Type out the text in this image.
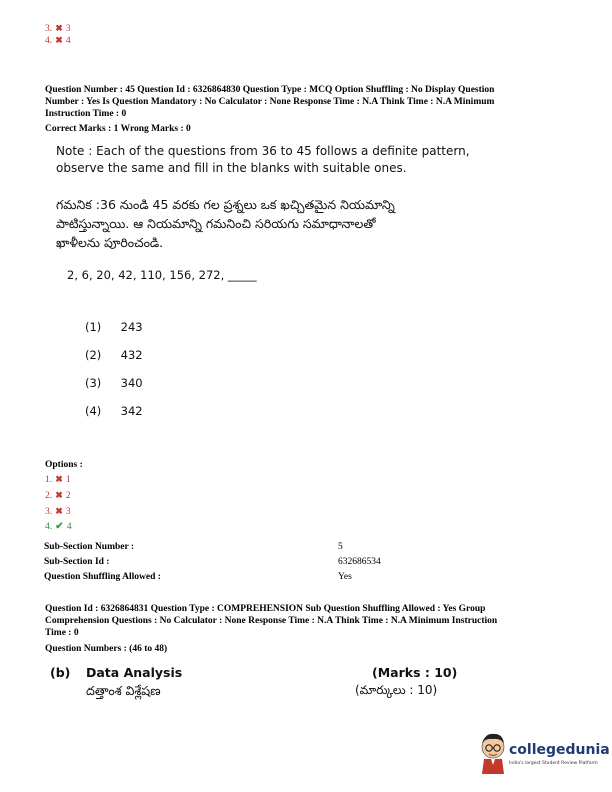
3. ✖ 3
4. ✖ 4
Question Number : 45 Question Id : 6326864830 Question Type : MCQ Option Shuffling : No Display Question
Number : Yes Is Question Mandatory : No Calculator : None Response Time : N.A Think Time : N.A Minimum
Instruction Time : 0
Correct Marks : 1 Wrong Marks : 0
Note : Each of the questions from 36 to 45 follows a definite pattern,
observe the same and fill in the blanks with suitable ones.
గమనిక :36 నుండి 45 వరకు గల ప్రశ్నలు ఒక ఖచ్చితమైన నియమాన్ని
పాటిస్తున్నాయి. ఆ నియమాన్ని గమనించి సరియగు సమాధానాలతో
ఖాళీలను పూరించండి.
2, 6, 20, 42, 110, 156, 272, _____
(1) 243
(2) 432
(3) 340
(4) 342
Options :
1. ✖ 1
2. ✖ 2
3. ✖ 3
4. ✔ 4
Sub-Section Number :	5
Sub-Section Id :	632686534
Question Shuffling Allowed :	Yes
Question Id : 6326864831 Question Type : COMPREHENSION Sub Question Shuffling Allowed : Yes Group
Comprehension Questions : No Calculator : None Response Time : N.A Think Time : N.A Minimum Instruction
Time : 0
Question Numbers : (46 to 48)
(b) Data Analysis
దత్తాంశ విశ్లేషణ
(Marks : 10)
(మార్కులు : 10)
collegedunia
India's largest Student Review Platform
